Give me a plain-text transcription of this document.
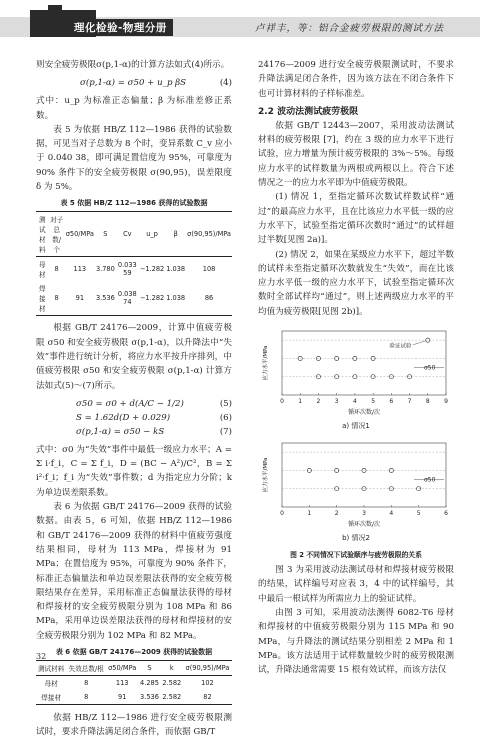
理化检验-物理分册	卢祥丰，等：铝合金疲劳极限的测试方法

则安全疲劳极限σ(p,1-α)的计算方法如式(4)所示。

σ(p,1-α) = σ50 + u_p βS	(4)

式中：u_p 为标准正态偏量；β 为标准差修正系数。

表 5 为依据 HB/Z 112—1986 获得的试验数据，可见当对子总数为 8 个时，变异系数 C_v 应小于 0.040 38，即可满足置信度为 95%，可靠度为 90% 条件下的安全疲劳极限 σ(90,95)，误差限度 δ 为 5%。

表 5 依据 HB/Z 112—1986 获得的试验数据
测试材料	对子总数/个	σ50/MPa	S	Cv	u_p	β	σ(90,95)/MPa
母材	8	113	3.780	0.033 59	−1.282	1.038	108
焊接材	8	91	3.536	0.038 74	−1.282	1.038	86

根据 GB/T 24176—2009，计算中值疲劳极限 σ50 和安全疲劳极限 σ(p,1-α)，以升降法中“失效”事件进行统计分析，将应力水平按升序排列，中值疲劳极限 σ50 和安全疲劳极限 σ(p,1-α) 计算方法如式(5)～(7)所示。

σ50 = σ0 + d(A/C − 1/2)	(5)
S = 1.62d(D + 0.029)	(6)
σ(p,1-α) = σ50 − kS	(7)

式中：σ0 为“失效”事件中最低一级应力水平；A = Σ i·f_i，C = Σ f_i，D = (BC − A²)/C²，B = Σ i²·f_i；f_i 为“失效”事件数；d 为指定应力分阶；k 为单边误差限系数。

表 6 为依据 GB/T 24176—2009 获得的试验数据。由表 5，6 可知，依据 HB/Z 112—1986 和 GB/T 24176—2009 获得的材料中值疲劳强度结果相同，母材为 113 MPa，焊接材为 91 MPa；在置信度为 95%，可靠度为 90% 条件下，标准正态偏量法和单边误差限法获得的安全疲劳极限结果存在差异，采用标准正态偏量法获得的母材和焊接材的安全疲劳极限分别为 108 MPa 和 86 MPa，采用单边误差限法获得的母材和焊接材的安全疲劳极限分别为 102 MPa 和 82 MPa。

表 6 依据 GB/T 24176—2009 获得的试验数据
测试材料	失效总数/根	σ50/MPa	S	k	σ(90,95)/MPa
母材	8	113	4.285	2.582	102
焊接材	8	91	3.536	2.582	82

依据 HB/Z 112—1986 进行安全疲劳极限测试时，要求升降法满足闭合条件，而依据 GB/T

24176—2009 进行安全疲劳极限测试时，不要求升降法满足闭合条件，因为该方法在不闭合条件下也可计算材料的子样标准差。

2.2 波动法测试疲劳极限

依据 GB/T 12443—2007，采用波动法测试材料的疲劳极限 [7]，约在 3 级的应力水平下进行试验，应力增量为预计疲劳极限的 3%～5%。每级应力水平的试样数量为两根或两根以上。符合下述情况之一的应力水平即为中值疲劳极限。

(1) 情况 1，至指定循环次数试样数试样“通过”的最高应力水平，且在比该应力水平低一级的应力水平下，试验至指定循环次数时“通过”的试样超过半数[见图 2a)]。

(2) 情况 2，如果在某级应力水平下，超过半数的试样未至指定循环次数就发生“失效”，而在比该应力水平低一级的应力水平下，试验至指定循环次数时全部试样均“通过”，则上述两级应力水平的平均值为疲劳极限[见图 2b)]。

0 1 2 3 4 5 6 7 8 9
循环次数/次
应力水平/MPa	σ50
验证试验
a) 情况1
0	1	2	3	4	5	6
循环次数/次
应力水平/MPa	σ50
b) 情况2
图 2 不同情况下试验顺序与疲劳极限的关系

图 3 为采用波动法测试母材和焊接材疲劳极限的结果，试样编号对应表 3，4 中的试样编号，其中最后一根试样为所需应力上的验证试样。

由图 3 可知，采用波动法测得 6082-T6 母材和焊接材的中值疲劳极限分别为 115 MPa 和 90 MPa，与升降法的测试结果分别相差 2 MPa 和 1 MPa。该方法适用于试样数量较少时的疲劳极限测试，升降法通常需要 15 根有效试样，而该方法仅

32
